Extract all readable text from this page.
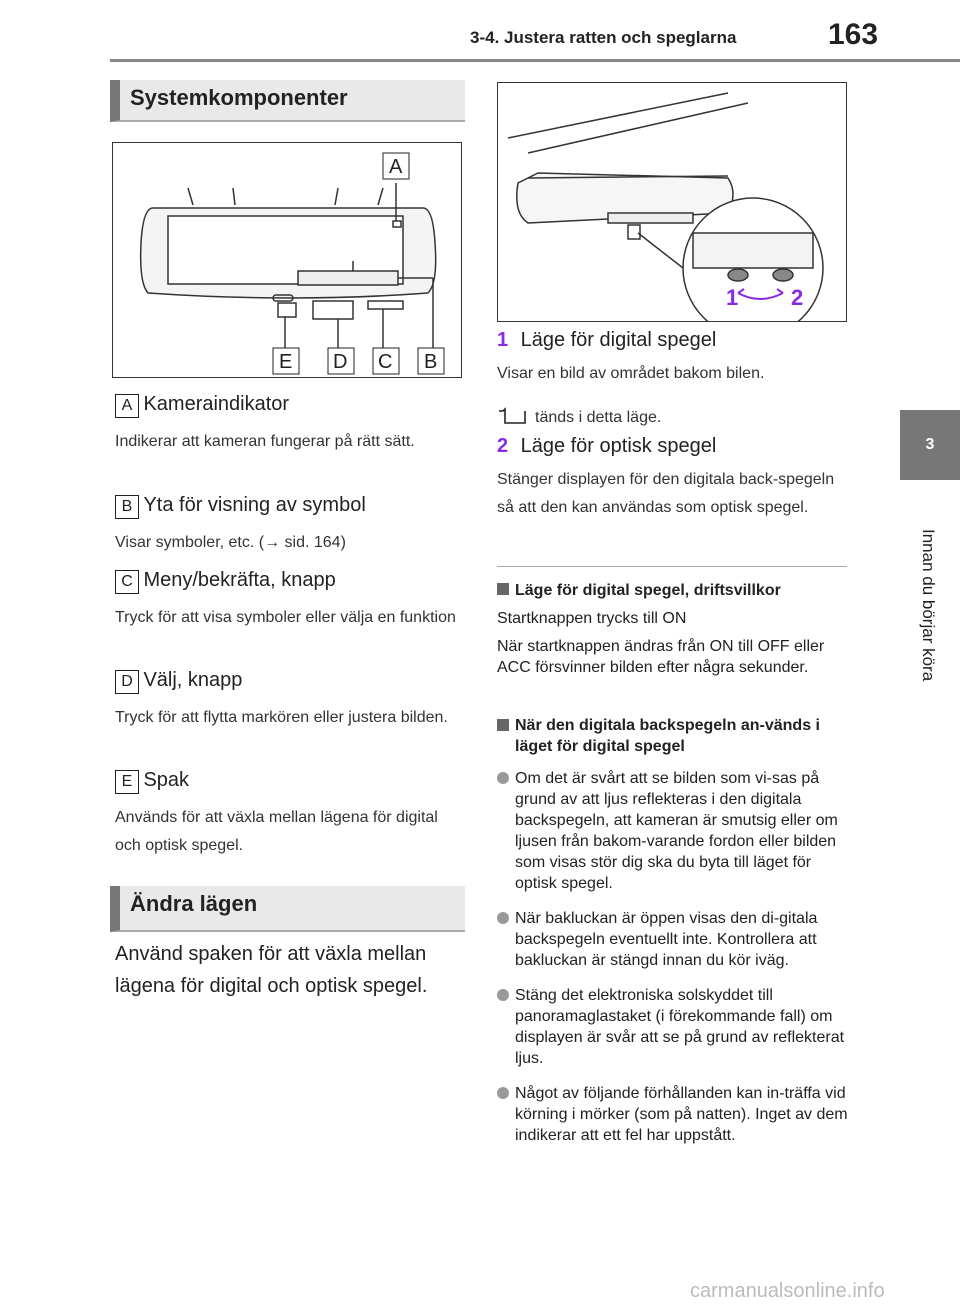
3-4. Justera ratten och speglarna	163
3
Innan du börjar köra
Systemkomponenter
A
E D C B
A Kameraindikator
Indikerar att kameran fungerar på rätt sätt.
B Yta för visning av symbol
Visar symboler, etc. (→ sid. 164)
C Meny/bekräfta, knapp
Tryck för att visa symboler eller välja en funktion
D Välj, knapp
Tryck för att flytta markören eller justera bilden.
E Spak
Används för att växla mellan lägena för digital och optisk spegel.
Ändra lägen
Använd spaken för att växla mellan lägena för digital och optisk spegel.
1 2
1 Läge för digital spegel
Visar en bild av området bakom bilen.
tänds i detta läge.
2 Läge för optisk spegel
Stänger displayen för den digitala back-spegeln så att den kan användas som optisk spegel.
Läge för digital spegel, driftsvillkor
Startknappen trycks till ON
När startknappen ändras från ON till OFF eller ACC försvinner bilden efter några sekunder.
När den digitala backspegeln an-vänds i läget för digital spegel
Om det är svårt att se bilden som vi-sas på grund av att ljus reflekteras i den digitala backspegeln, att kameran är smutsig eller om ljusen från bakom-varande fordon eller bilden som visas stör dig ska du byta till läget för optisk spegel.
När bakluckan är öppen visas den di-gitala backspegeln eventuellt inte. Kontrollera att bakluckan är stängd innan du kör iväg.
Stäng det elektroniska solskyddet till panoramaglastaket (i förekommande fall) om displayen är svår att se på grund av reflekterat ljus.
Något av följande förhållanden kan in-träffa vid körning i mörker (som på natten). Inget av dem indikerar att ett fel har uppstått.
carmanualsonline.info
